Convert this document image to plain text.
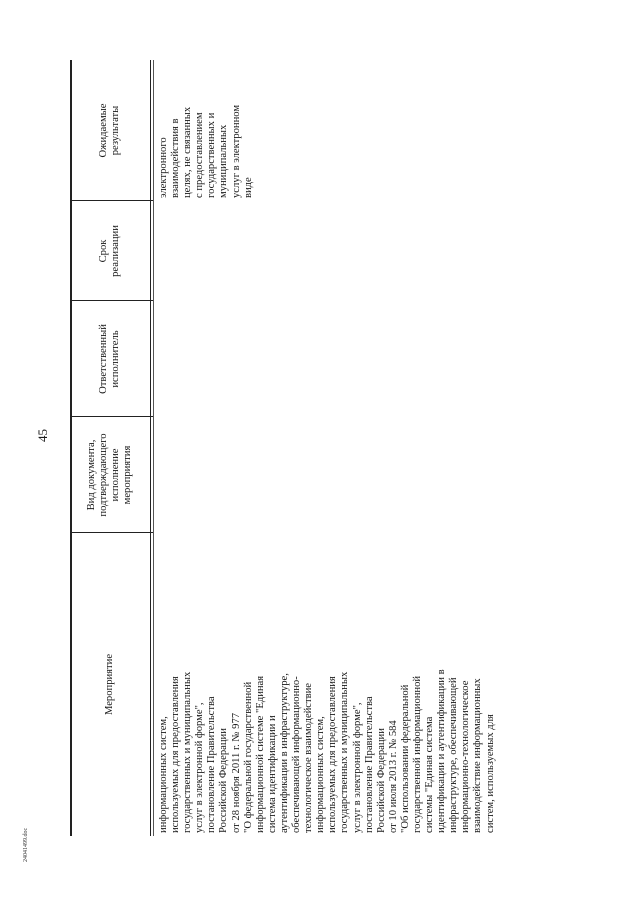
45
24041499.doc
Мероприятие
Вид документа, подтверждающего исполнение мероприятия
Ответственный исполнитель
Срок реализации
Ожидаемые результаты
информационных систем, используемых для предоставления государственных и муниципальных услуг в электронной форме", постановление Правительства Российской Федерации от 28 ноября 2011 г. № 977 "О федеральной государственной информационной системе "Единая система идентификации и аутентификации в инфраструктуре, обеспечивающей информационно- технологическое взаимодействие информационных систем, используемых для предоставления государственных и муниципальных услуг в электронной форме", постановление Правительства Российской Федерации от 10 июля 2013 г. № 584 "Об использовании федеральной государственной информационной системы "Единая система идентификации и аутентификации в инфраструктуре, обеспечивающей информационно-технологическое взаимодействие информационных систем, используемых для
электронного взаимодействия в целях, не связанных с предоставлением государственных и муниципальных услуг в электронном виде
